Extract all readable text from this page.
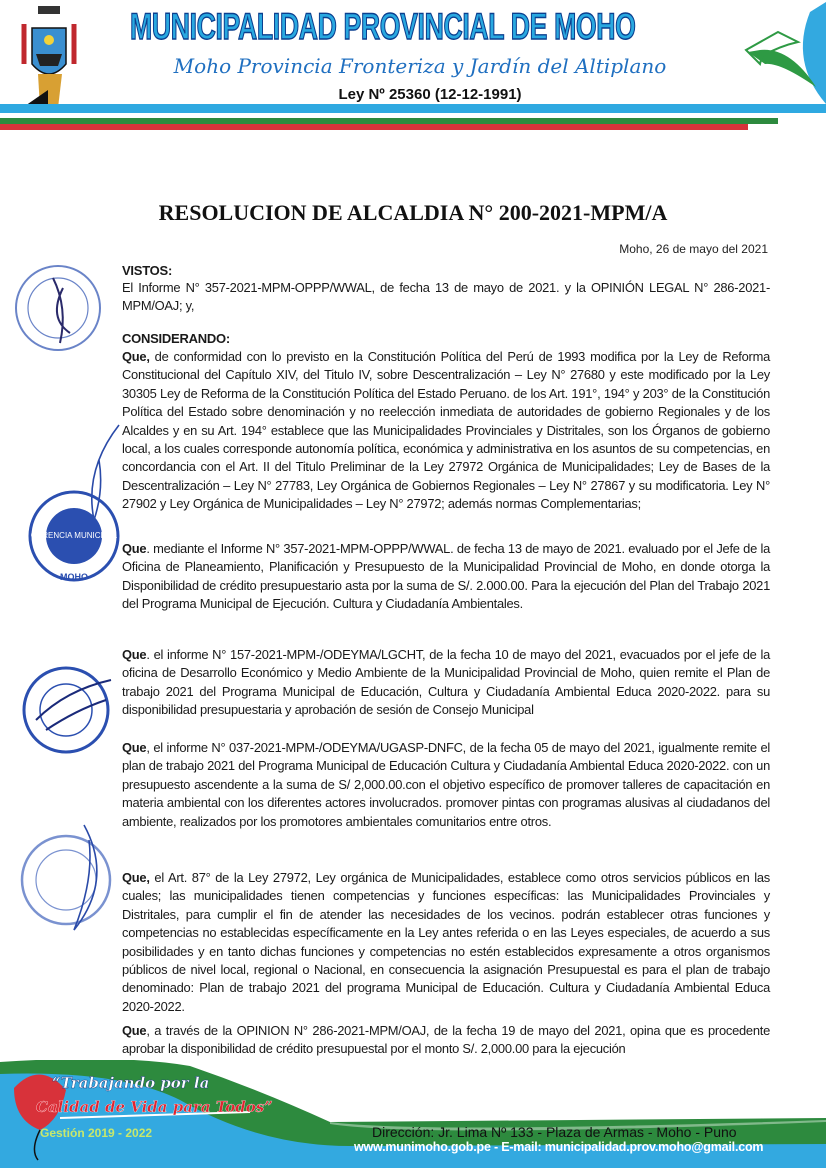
MUNICIPALIDAD PROVINCIAL DE MOHO
Moho Provincia Fronteriza y Jardín del Altiplano
Ley Nº 25360 (12-12-1991)
GERENCIA MUNICIPAL
MOHO
RESOLUCION DE ALCALDIA N° 200-2021-MPM/A
Moho, 26 de mayo del 2021
VISTOS:
El Informe N° 357-2021-MPM-OPPP/WWAL, de fecha 13 de mayo de 2021. y la OPINIÓN LEGAL N° 286-2021-MPM/OAJ; y,
CONSIDERANDO:
Que, de conformidad con lo previsto en la Constitución Política del Perú de 1993 modifica por la Ley de Reforma Constitucional del Capítulo XIV, del Titulo IV, sobre Descentralización – Ley N° 27680 y este modificado por la Ley 30305 Ley de Reforma de la Constitución Política del Estado Peruano. de los Art. 191°, 194° y 203° de la Constitución Política del Estado sobre denominación y no reelección inmediata de autoridades de gobierno Regionales y de los Alcaldes y en su Art. 194° establece que las Municipalidades Provinciales y Distritales, son los Órganos de gobierno local, a los cuales corresponde autonomía política, económica y administrativa en los asuntos de su competencias, en concordancia con el Art. II del Titulo Preliminar de la Ley 27972 Orgánica de Municipalidades; Ley de Bases de la Descentralización – Ley N° 27783, Ley Orgánica de Gobiernos Regionales – Ley N° 27867 y su modificatoria. Ley N° 27902 y Ley Orgánica de Municipalidades – Ley N° 27972; además normas Complementarias;
Que. mediante el Informe N° 357-2021-MPM-OPPP/WWAL. de fecha 13 de mayo de 2021. evaluado por el Jefe de la Oficina de Planeamiento, Planificación y Presupuesto de la Municipalidad Provincial de Moho, en donde otorga la Disponibilidad de crédito presupuestario asta por la suma de S/. 2.000.00. Para la ejecución del Plan del Trabajo 2021 del Programa Municipal de Ejecución. Cultura y Ciudadanía Ambientales.
Que. el informe N° 157-2021-MPM-/ODEYMA/LGCHT, de la fecha 10 de mayo del 2021, evacuados por el jefe de la oficina de Desarrollo Económico y Medio Ambiente de la Municipalidad Provincial de Moho, quien remite el Plan de trabajo 2021 del Programa Municipal de Educación, Cultura y Ciudadanía Ambiental Educa 2020-2022. para su disponibilidad presupuestaria y aprobación de sesión de Consejo Municipal
Que, el informe N° 037-2021-MPM-/ODEYMA/UGASP-DNFC, de la fecha 05 de mayo del 2021, igualmente remite el plan de trabajo 2021 del Programa Municipal de Educación Cultura y Ciudadanía Ambiental Educa 2020-2022. con un presupuesto ascendente a la suma de S/ 2,000.00.con el objetivo específico de promover talleres de capacitación en materia ambiental con los diferentes actores involucrados. promover pintas con programas alusivas al ciudadanos del ambiente, realizados por los promotores ambientales comunitarios entre otros.
Que, el Art. 87° de la Ley 27972, Ley orgánica de Municipalidades, establece como otros servicios públicos en las cuales; las municipalidades tienen competencias y funciones específicas: las Municipalidades Provinciales y Distritales, para cumplir el fin de atender las necesidades de los vecinos. podrán establecer otras funciones y competencias no establecidas específicamente en la Ley antes referida o en las Leyes especiales, de acuerdo a sus posibilidades y en tanto dichas funciones y competencias no estén establecidos expresamente a otros organismos públicos de nivel local, regional o Nacional, en consecuencia la asignación Presupuestal es para el plan de trabajo denominado: Plan de trabajo 2021 del programa Municipal de Educación. Cultura y Ciudadanía Ambiental Educa 2020-2022.
Que, a través de la OPINION N° 286-2021-MPM/OAJ, de la fecha 19 de mayo del 2021, opina que es procedente aprobar la disponibilidad de crédito presupuestal por el monto S/. 2,000.00 para la ejecución
“Trabajando por la
Calidad de Vida para Todos”
Gestión 2019 - 2022	Dirección: Jr. Lima Nº 133 - Plaza de Armas - Moho - Puno
www.munimoho.gob.pe - E-mail: municipalidad.prov.moho@gmail.com
